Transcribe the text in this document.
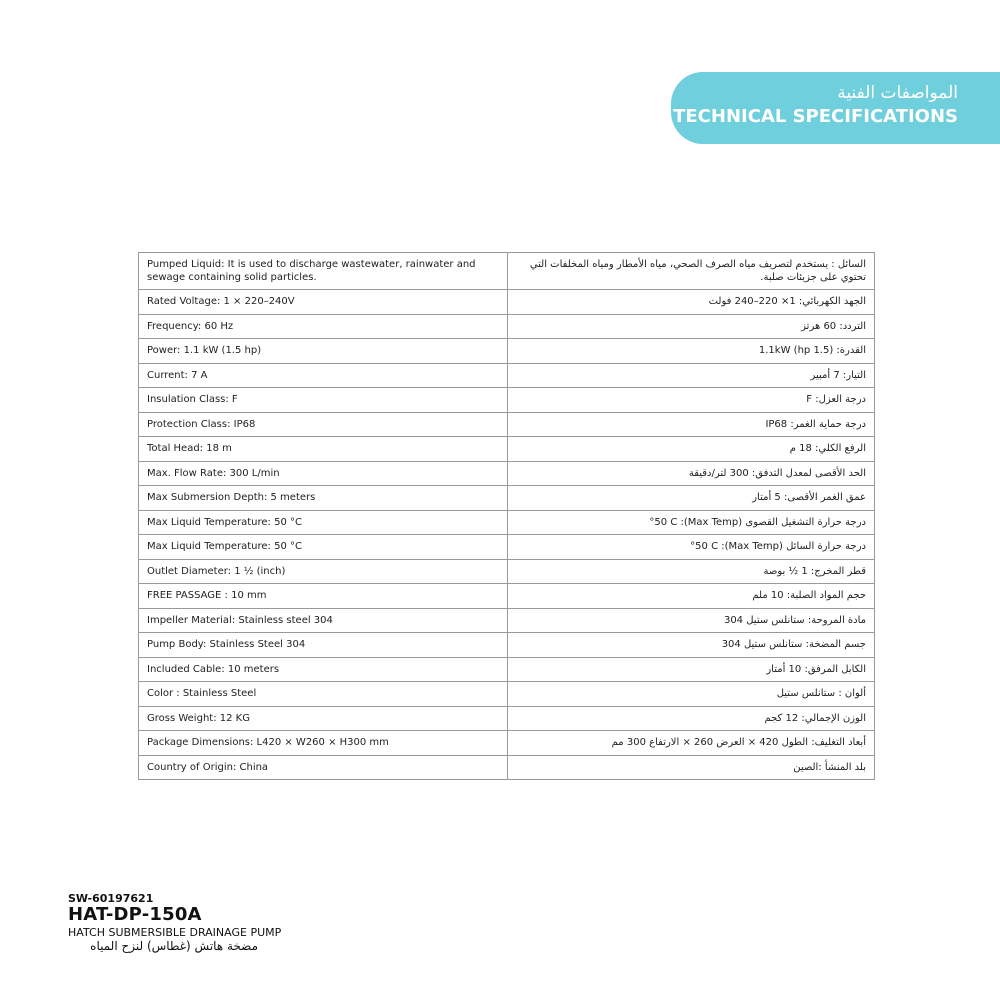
المواصفات الفنية
TECHNICAL SPECIFICATIONS
Pumped Liquid: It is used to discharge wastewater, rainwater and sewage containing solid particles.	السائل : يستخدم لتصريف مياه الصرف الصحي، مياه الأمطار ومياه المخلفات التي تحتوي على جزيئات صلبة.
Rated Voltage: 1 × 220–240V	الجهد الكهربائي: 1× 220–240 فولت
Frequency: 60 Hz	التردد: 60 هرتز
Power: 1.1 kW (1.5 hp)	القدرة: (1.5 hp) 1.1kW
Current: 7 A	التيار: 7 أمبير
Insulation Class: F	درجة العزل: F
Protection Class: IP68	درجة حماية الغمر: IP68
Total Head: 18 m	الرفع الكلي: 18 م
Max. Flow Rate: 300 L/min	الحد الأقصى لمعدل التدفق: 300 لتر/دقيقة
Max Submersion Depth: 5 meters	عمق الغمر الأقصى: 5 أمتار
Max Liquid Temperature: 50 °C	درجة حرارة التشغيل القصوى (Max Temp): 50 C°
Max Liquid Temperature: 50 °C	درجة حرارة السائل (Max Temp): 50 C°
Outlet Diameter: 1 ½ (inch)	قطر المخرج: 1 ½ بوصة
FREE PASSAGE : 10 mm	حجم المواد الصلبة: 10 ملم
Impeller Material: Stainless steel 304	مادة المروحة: ستانلس ستيل 304
Pump Body: Stainless Steel 304	جسم المضخة: ستانلس ستيل 304
Included Cable: 10 meters	الكابل المرفق: 10 أمتار
Color : Stainless Steel	ألوان : ستانلس ستيل
Gross Weight: 12 KG	الوزن الإجمالي: 12 كجم
Package Dimensions: L420 × W260 × H300 mm	أبعاد التغليف: الطول 420 × العرض 260 × الارتفاع 300 مم
Country of Origin: China	بلد المنشأ :الصين
SW-60197621
HAT-DP-150A
HATCH SUBMERSIBLE DRAINAGE PUMP
مضخة هاتش (غطاس) لنزح المياه
